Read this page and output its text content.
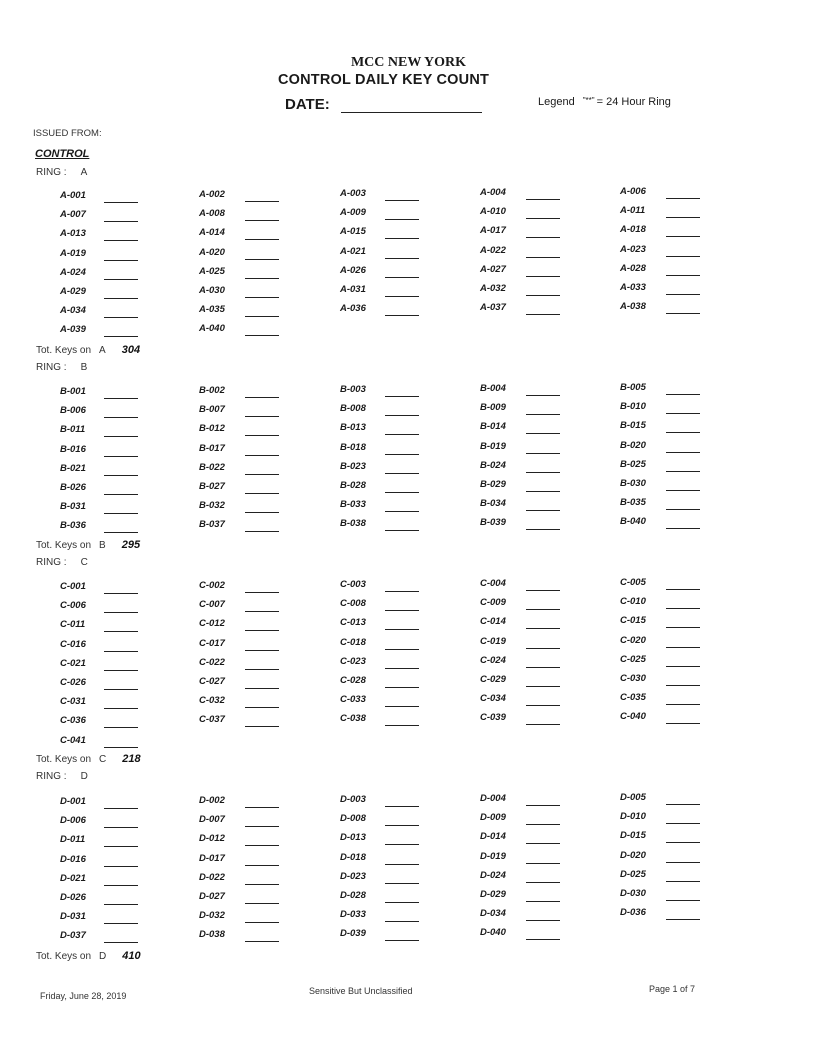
MCC NEW YORK
CONTROL DAILY KEY COUNT
DATE:	Legend "**" = 24 Hour Ring
ISSUED FROM:
CONTROL
RING : A
A-001	A-002	A-003	A-004	A-006
A-007	A-008	A-009	A-010	A-011
A-013	A-014	A-015	A-017	A-018
A-019	A-020	A-021	A-022	A-023
A-024	A-025	A-026	A-027	A-028
A-029	A-030	A-031	A-032	A-033
A-034	A-035	A-036	A-037	A-038
A-039	A-040
Tot. Keys on A 304
RING : B
B-001	B-002	B-003	B-004	B-005
B-006	B-007	B-008	B-009	B-010
B-011	B-012	B-013	B-014	B-015
B-016	B-017	B-018	B-019	B-020
B-021	B-022	B-023	B-024	B-025
B-026	B-027	B-028	B-029	B-030
B-031	B-032	B-033	B-034	B-035
B-036	B-037	B-038	B-039	B-040
Tot. Keys on B 295
RING : C
C-001	C-002	C-003	C-004	C-005
C-006	C-007	C-008	C-009	C-010
C-011	C-012	C-013	C-014	C-015
C-016	C-017	C-018	C-019	C-020
C-021	C-022	C-023	C-024	C-025
C-026	C-027	C-028	C-029	C-030
C-031	C-032	C-033	C-034	C-035
C-036	C-037	C-038	C-039	C-040
C-041
Tot. Keys on C 218
RING : D
D-001	D-002	D-003	D-004	D-005
D-006	D-007	D-008	D-009	D-010
D-011	D-012	D-013	D-014	D-015
D-016	D-017	D-018	D-019	D-020
D-021	D-022	D-023	D-024	D-025
D-026	D-027	D-028	D-029	D-030
D-031	D-032	D-033	D-034	D-036
D-037	D-038	D-039	D-040
Tot. Keys on D 410
Friday, June 28, 2019	Sensitive But Unclassified	Page 1 of 7
